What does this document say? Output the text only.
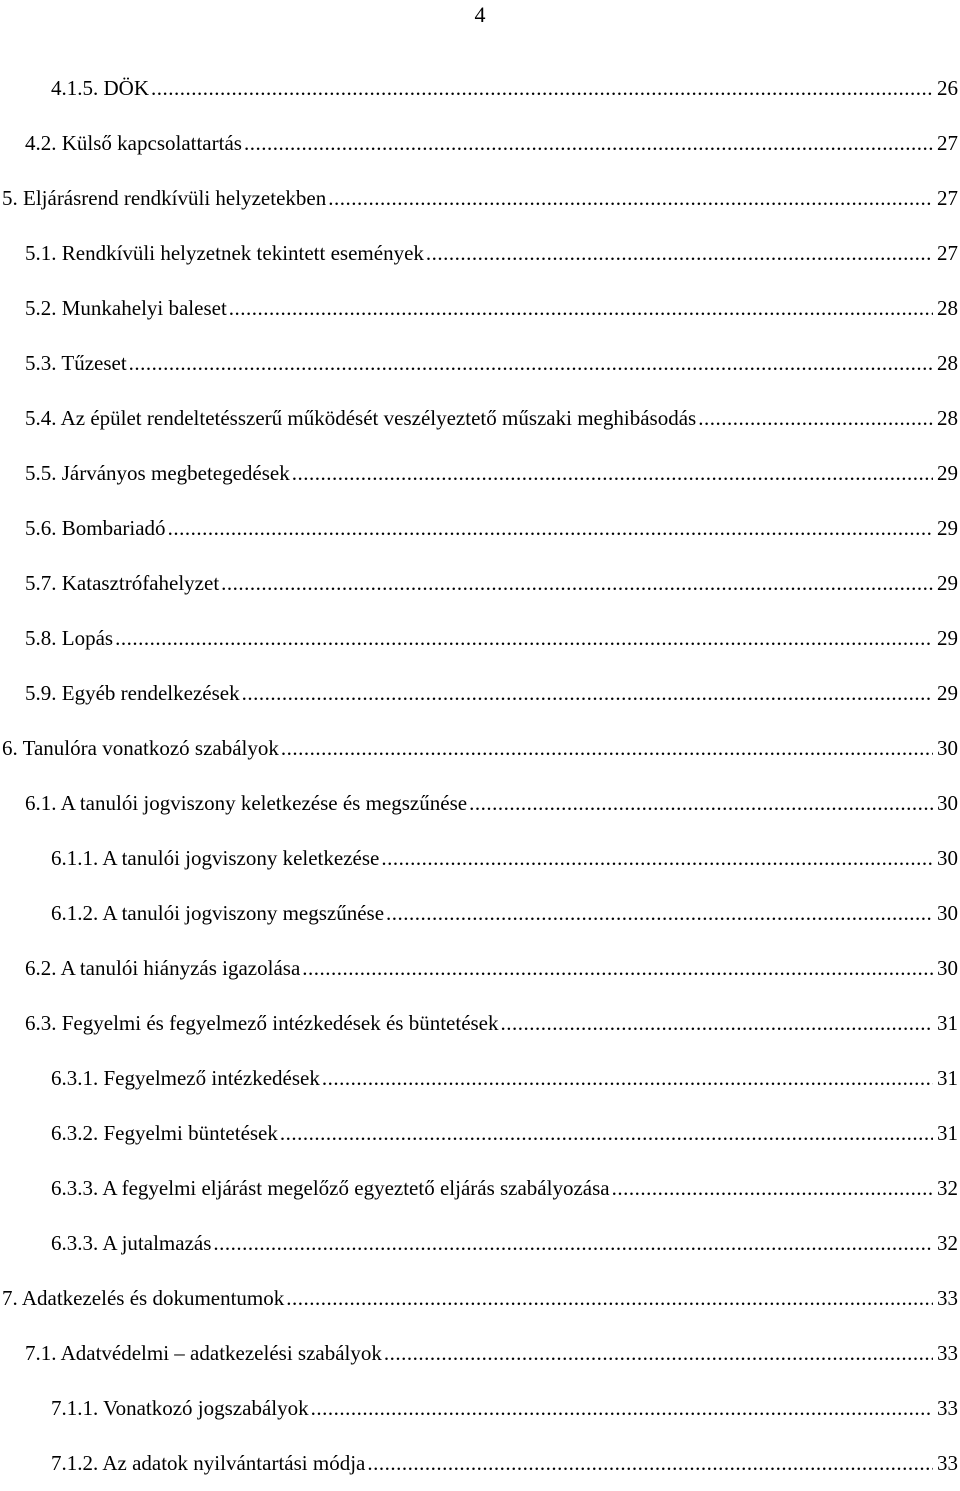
4
4.1.5. DÖK .....	26
4.2. Külső kapcsolattartás .....	27
5. Eljárásrend rendkívüli helyzetekben .....	27
5.1. Rendkívüli helyzetnek tekintett események .....	27
5.2. Munkahelyi baleset .....	28
5.3. Tűzeset .....	28
5.4. Az épület rendeltetésszerű működését veszélyeztető műszaki meghibásodás .....	28
5.5. Járványos megbetegedések .....	29
5.6. Bombariadó .....	29
5.7. Katasztrófahelyzet .....	29
5.8. Lopás .....	29
5.9. Egyéb rendelkezések .....	29
6. Tanulóra vonatkozó szabályok .....	30
6.1. A tanulói jogviszony keletkezése és megszűnése .....	30
6.1.1. A tanulói jogviszony keletkezése .....	30
6.1.2. A tanulói jogviszony megszűnése .....	30
6.2. A tanulói hiányzás igazolása .....	30
6.3. Fegyelmi és fegyelmező intézkedések és büntetések .....	31
6.3.1. Fegyelmező intézkedések .....	31
6.3.2. Fegyelmi büntetések .....	31
6.3.3. A fegyelmi eljárást megelőző egyeztető eljárás szabályozása .....	32
6.3.3. A jutalmazás .....	32
7. Adatkezelés és dokumentumok .....	33
7.1. Adatvédelmi – adatkezelési szabályok .....	33
7.1.1. Vonatkozó jogszabályok .....	33
7.1.2. Az adatok nyilvántartási módja .....	33
